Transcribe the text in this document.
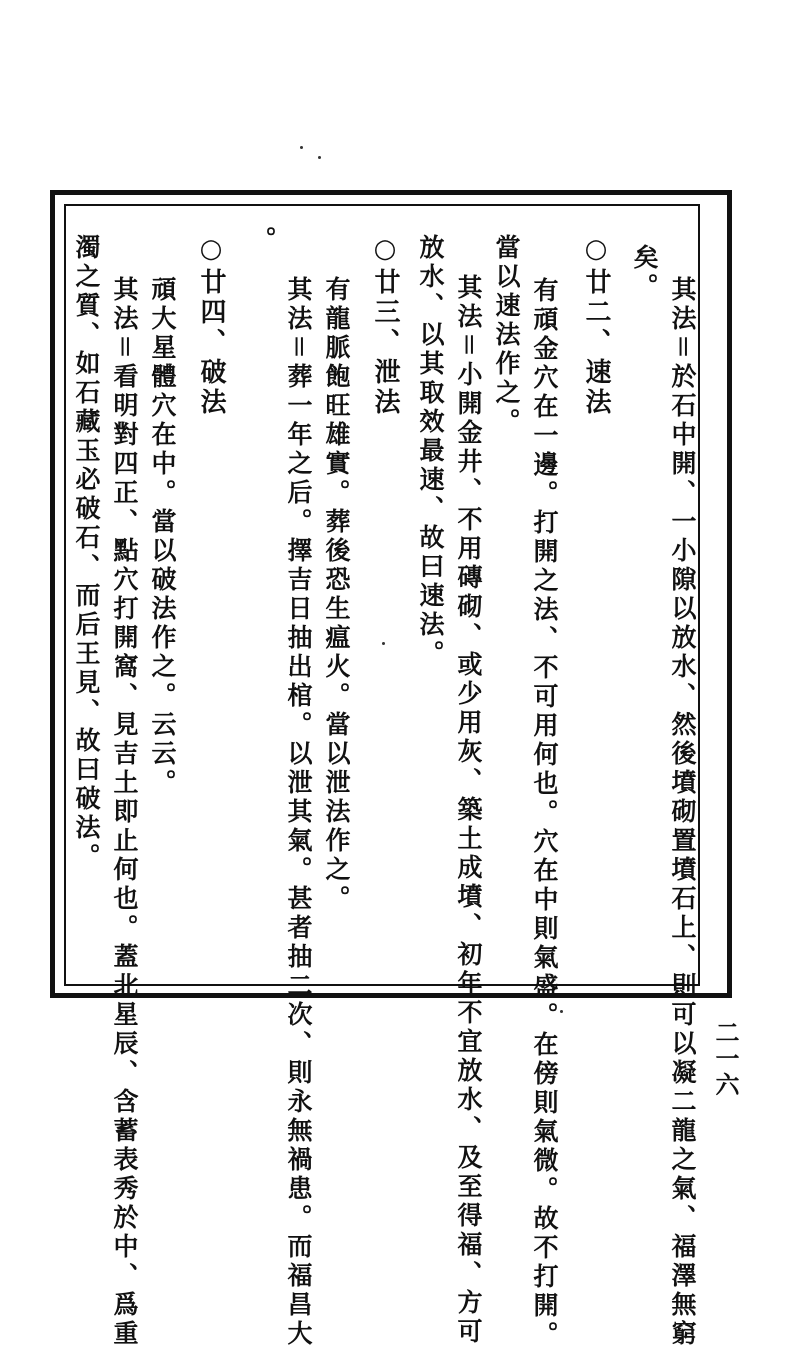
其法＝於石中開、一小隙以放水、然後墳砌置墳石上、則可以凝二龍之氣、福澤無窮
矣。
○廿二、速法
有頑金穴在一邊。打開之法、不可用何也。穴在中則氣盛。在傍則氣微。故不打開。
當以速法作之。
其法＝小開金井、不用磚砌、或少用灰、築土成墳、初年不宜放水、及至得福、方可
放水、以其取效最速、故曰速法。
○廿三、泄法
有龍脈飽旺雄實。葬後恐生瘟火。當以泄法作之。
其法＝葬一年之后。擇吉日抽出棺。以泄其氣。甚者抽二次、則永無禍患。而福昌大
。
○廿四、破法
頑大星體穴在中。當以破法作之。云云。
其法＝看明對四正、點穴打開窩、見吉土即止何也。蓋北星辰、含蓄表秀於中、爲重
濁之質、如石藏玉必破石、而后王見、故曰破法。
二一六
